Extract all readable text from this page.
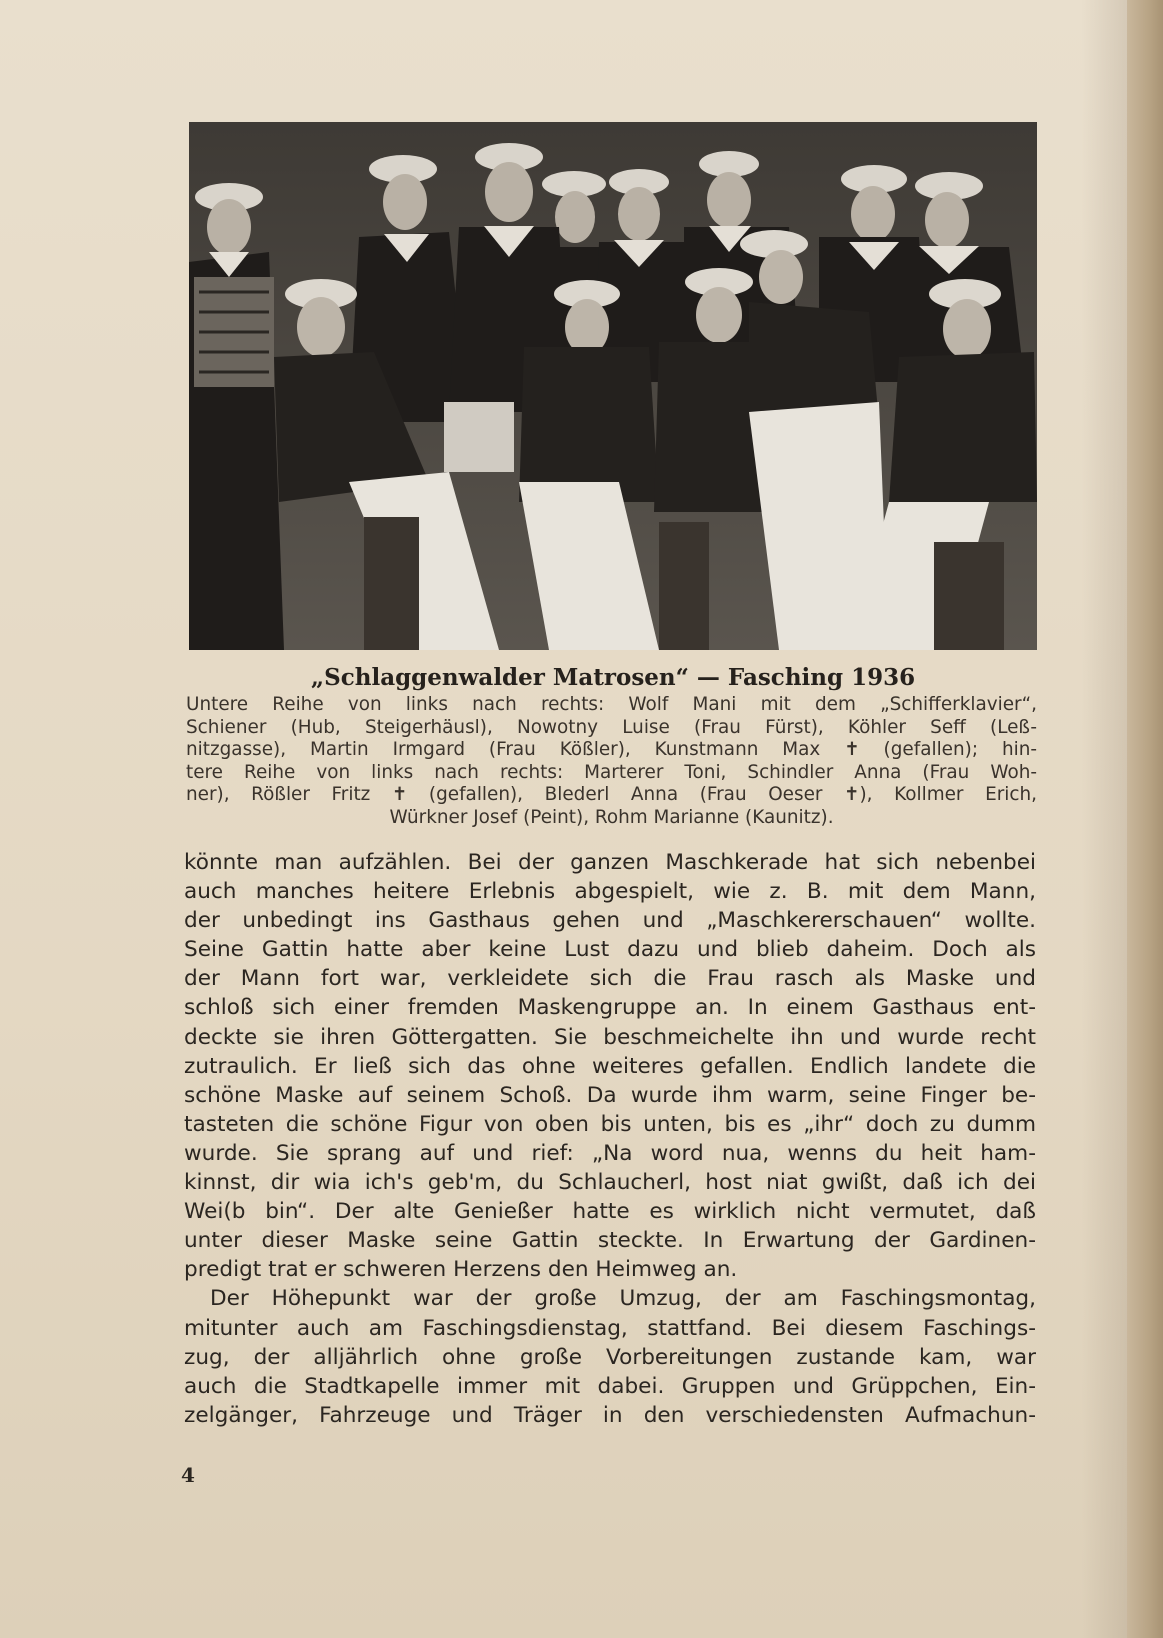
„Schlaggenwalder Matrosen“ — Fasching 1936
Untere Reihe von links nach rechts: Wolf Mani mit dem „Schifferklavier“,
Schiener (Hub, Steigerhäusl), Nowotny Luise (Frau Fürst), Köhler Seff (Leß-
nitzgasse), Martin Irmgard (Frau Kößler), Kunstmann Max ✝ (gefallen); hin-
tere Reihe von links nach rechts: Marterer Toni, Schindler Anna (Frau Woh-
ner), Rößler Fritz ✝ (gefallen), Blederl Anna (Frau Oeser ✝), Kollmer Erich,
Würkner Josef (Peint), Rohm Marianne (Kaunitz).
könnte man aufzählen. Bei der ganzen Maschkerade hat sich nebenbei
auch manches heitere Erlebnis abgespielt, wie z. B. mit dem Mann,
der unbedingt ins Gasthaus gehen und „Maschkererschauen“ wollte.
Seine Gattin hatte aber keine Lust dazu und blieb daheim. Doch als
der Mann fort war, verkleidete sich die Frau rasch als Maske und
schloß sich einer fremden Maskengruppe an. In einem Gasthaus ent-
deckte sie ihren Göttergatten. Sie beschmeichelte ihn und wurde recht
zutraulich. Er ließ sich das ohne weiteres gefallen. Endlich landete die
schöne Maske auf seinem Schoß. Da wurde ihm warm, seine Finger be-
tasteten die schöne Figur von oben bis unten, bis es „ihr“ doch zu dumm
wurde. Sie sprang auf und rief: „Na word nua, wenns du heit ham-
kinnst, dir wia ich's geb'm, du Schlaucherl, host niat gwißt, daß ich dei
Wei(b bin“. Der alte Genießer hatte es wirklich nicht vermutet, daß
unter dieser Maske seine Gattin steckte. In Erwartung der Gardinen-
predigt trat er schweren Herzens den Heimweg an.
Der Höhepunkt war der große Umzug, der am Faschingsmontag,
mitunter auch am Faschingsdienstag, stattfand. Bei diesem Faschings-
zug, der alljährlich ohne große Vorbereitungen zustande kam, war
auch die Stadtkapelle immer mit dabei. Gruppen und Grüppchen, Ein-
zelgänger, Fahrzeuge und Träger in den verschiedensten Aufmachun-
4
